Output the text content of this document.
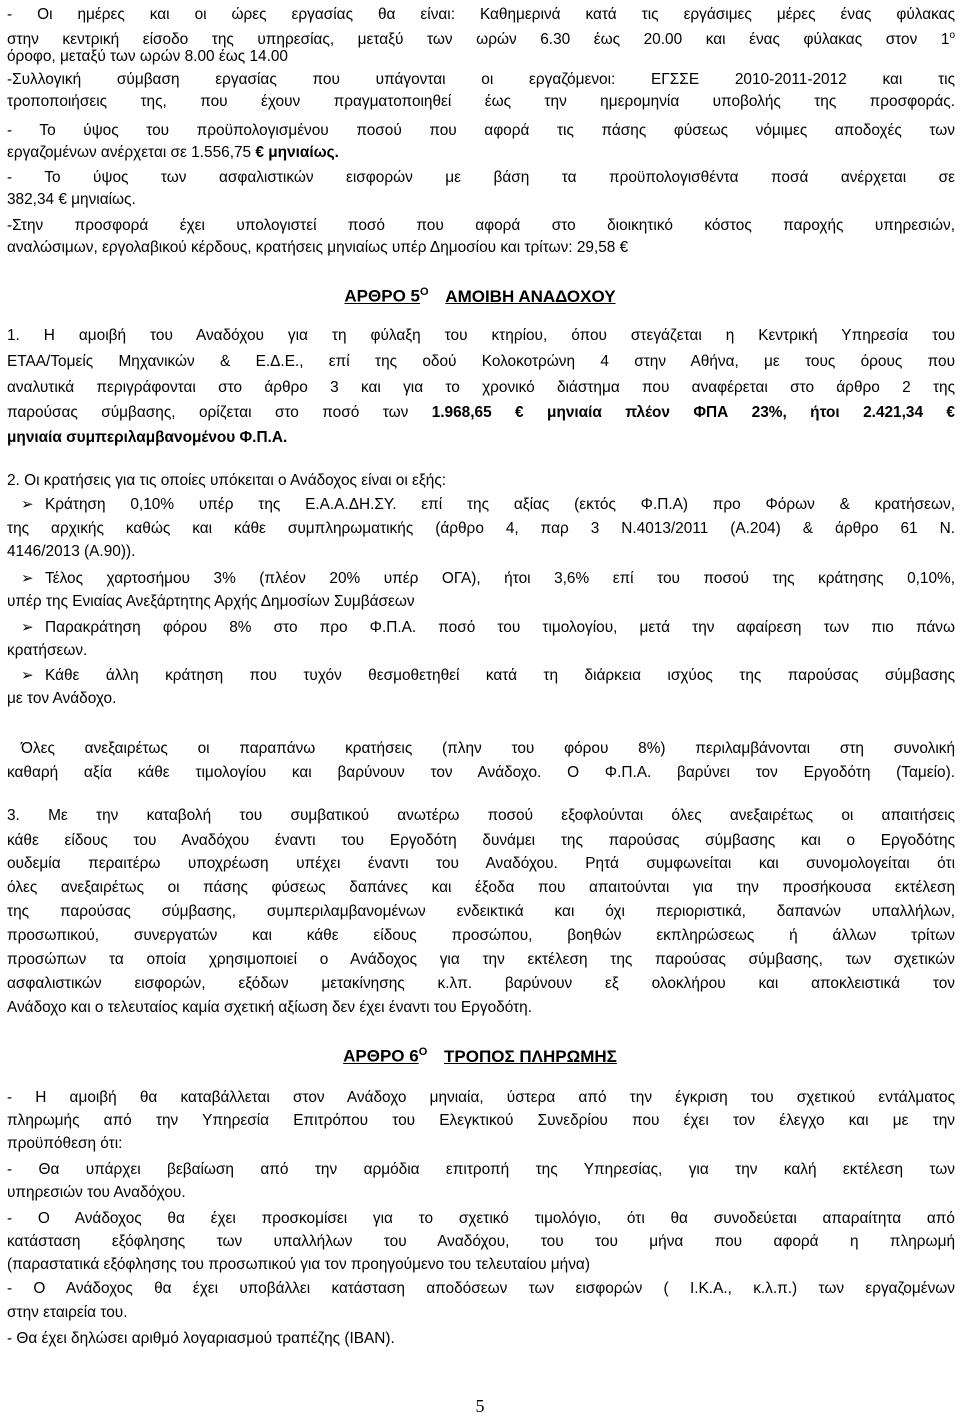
- Οι ημέρες και οι ώρες εργασίας θα είναι: Καθημερινά κατά τις εργάσιμες μέρες ένας φύλακας
στην κεντρική είσοδο της υπηρεσίας, μεταξύ των ωρών 6.30 έως 20.00 και ένας φύλακας στον $1^o$
όροφο, μεταξύ των ωρών 8.00 έως 14.00
-Συλλογική σύμβαση εργασίας που υπάγονται οι εργαζόμενοι: ΕΓΣΣΕ 2010-2011-2012 και τις
τροποποιήσεις της, που έχουν πραγματοποιηθεί έως την ημερομηνία υποβολής της προσφοράς.
- Το ύψος του προϋπολογισμένου ποσού που αφορά τις πάσης φύσεως νόμιμες αποδοχές των
εργαζομένων ανέρχεται σε 1.556,75 € μηνιαίως.
- Το ύψος των ασφαλιστικών εισφορών με βάση τα προϋπολογισθέντα ποσά ανέρχεται σε
382,34 € μηνιαίως.
-Στην προσφορά έχει υπολογιστεί ποσό που αφορά στο διοικητικό κόστος παροχής υπηρεσιών,
αναλώσιμων, εργολαβικού κέρδους, κρατήσεις μηνιαίως υπέρ Δημοσίου και τρίτων: 29,58 €
ΑΡΘΡΟ $5^O$ ΑΜΟΙΒΗ ΑΝΑΔΟΧΟΥ
1. Η αμοιβή του Αναδόχου για τη φύλαξη του κτηρίου, όπου στεγάζεται η Κεντρική Υπηρεσία του
ΕΤΑΑ/Τομείς Μηχανικών & Ε.Δ.Ε., επί της οδού Κολοκοτρώνη 4 στην Αθήνα, με τους όρους που
αναλυτικά περιγράφονται στο άρθρο 3 και για το χρονικό διάστημα που αναφέρεται στο άρθρο 2 της
παρούσας σύμβασης, ορίζεται στο ποσό των 1.968,65 € μηνιαία πλέον ΦΠΑ 23%, ήτοι 2.421,34 €
μηνιαία συμπεριλαμβανομένου Φ.Π.Α.
2. Οι κρατήσεις για τις οποίες υπόκειται ο Ανάδοχος είναι οι εξής:
➢ Κράτηση 0,10% υπέρ της Ε.Α.Α.ΔΗ.ΣΥ. επί της αξίας (εκτός Φ.Π.Α) προ Φόρων & κρατήσεων,
της αρχικής καθώς και κάθε συμπληρωματικής (άρθρο 4, παρ 3 Ν.4013/2011 (Α.204) & άρθρο 61 Ν.
4146/2013 (Α.90)).
➢ Τέλος χαρτοσήμου 3% (πλέον 20% υπέρ ΟΓΑ), ήτοι 3,6% επί του ποσού της κράτησης 0,10%,
υπέρ της Ενιαίας Ανεξάρτητης Αρχής Δημοσίων Συμβάσεων
➢ Παρακράτηση φόρου 8% στο προ Φ.Π.Α. ποσό του τιμολογίου, μετά την αφαίρεση των πιο πάνω
κρατήσεων.
➢ Κάθε άλλη κράτηση που τυχόν θεσμοθετηθεί κατά τη διάρκεια ισχύος της παρούσας σύμβασης
με τον Ανάδοχο.
Όλες ανεξαιρέτως οι παραπάνω κρατήσεις (πλην του φόρου 8%) περιλαμβάνονται στη συνολική
καθαρή αξία κάθε τιμολογίου και βαρύνουν τον Ανάδοχο. Ο Φ.Π.Α. βαρύνει τον Εργοδότη (Ταμείο).
3. Με την καταβολή του συμβατικού ανωτέρω ποσού εξοφλούνται όλες ανεξαιρέτως οι απαιτήσεις
κάθε είδους του Αναδόχου έναντι του Εργοδότη δυνάμει της παρούσας σύμβασης και ο Εργοδότης
ουδεμία περαιτέρω υποχρέωση υπέχει έναντι του Αναδόχου. Ρητά συμφωνείται και συνομολογείται ότι
όλες ανεξαιρέτως οι πάσης φύσεως δαπάνες και έξοδα που απαιτούνται για την προσήκουσα εκτέλεση
της παρούσας σύμβασης, συμπεριλαμβανομένων ενδεικτικά και όχι περιοριστικά, δαπανών υπαλλήλων,
προσωπικού, συνεργατών και κάθε είδους προσώπου, βοηθών εκπληρώσεως ή άλλων τρίτων
προσώπων τα οποία χρησιμοποιεί ο Ανάδοχος για την εκτέλεση της παρούσας σύμβασης, των σχετικών
ασφαλιστικών εισφορών, εξόδων μετακίνησης κ.λπ. βαρύνουν εξ ολοκλήρου και αποκλειστικά τον
Ανάδοχο και ο τελευταίος καμία σχετική αξίωση δεν έχει έναντι του Εργοδότη.
ΑΡΘΡΟ $6^O$ ΤΡΟΠΟΣ ΠΛΗΡΩΜΗΣ
- Η αμοιβή θα καταβάλλεται στον Ανάδοχο μηνιαία, ύστερα από την έγκριση του σχετικού εντάλματος
πληρωμής από την Υπηρεσία Επιτρόπου του Ελεγκτικού Συνεδρίου που έχει τον έλεγχο και με την
προϋπόθεση ότι:
- Θα υπάρχει βεβαίωση από την αρμόδια επιτροπή της Υπηρεσίας, για την καλή εκτέλεση των
υπηρεσιών του Αναδόχου.
- Ο Ανάδοχος θα έχει προσκομίσει για το σχετικό τιμολόγιο, ότι θα συνοδεύεται απαραίτητα από
κατάσταση εξόφλησης των υπαλλήλων του Αναδόχου, του του μήνα που αφορά η πληρωμή
(παραστατικά εξόφλησης του προσωπικού για τον προηγούμενο του τελευταίου μήνα)
- Ο Ανάδοχος θα έχει υποβάλλει κατάσταση αποδόσεων των εισφορών ( Ι.Κ.Α., κ.λ.π.) των εργαζομένων
στην εταιρεία του.
- Θα έχει δηλώσει αριθμό λογαριασμού τραπέζης (IBAN).
5
